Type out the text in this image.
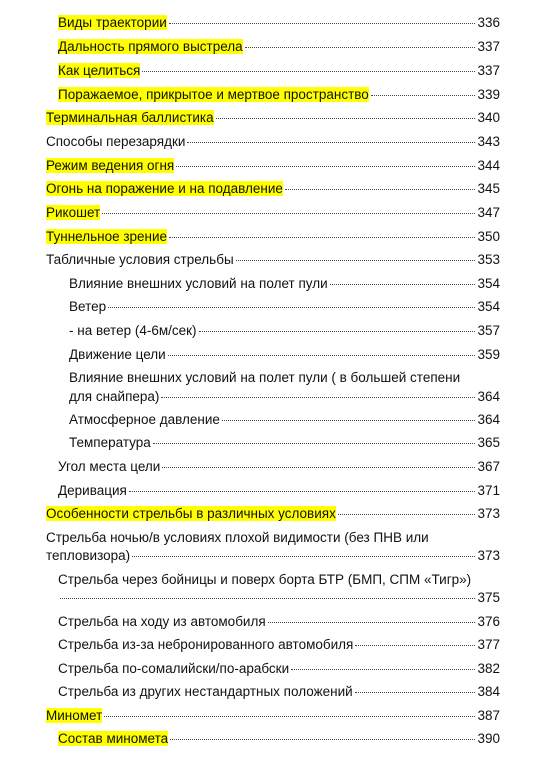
Виды траектории	336
Дальность прямого выстрела	337
Как целиться	337
Поражаемое, прикрытое и мертвое пространство	339
Терминальная баллистика	340
Способы перезарядки	343
Режим ведения огня	344
Огонь на поражение и на подавление	345
Рикошет	347
Туннельное зрение	350
Табличные условия стрельбы	353
Влияние внешних условий на полет пули	354
Ветер	354
- на ветер (4-6м/сек)	357
Движение цели	359
Влияние внешних условий на полет пули ( в большей степени
для снайпера)	364
Атмосферное давление	364
Температура	365
Угол места цели	367
Деривация	371
Особенности стрельбы в различных условиях	373
Стрельба ночью/в условиях плохой видимости (без ПНВ или
тепловизора)	373
Стрельба через бойницы и поверх борта БТР (БМП, СПМ «Тигр»)
375
Стрельба на ходу из автомобиля	376
Стрельба из-за небронированного автомобиля	377
Стрельба по-сомалийски/по-арабски	382
Стрельба из других нестандартных положений	384
Миномет	387
Состав миномета	390
